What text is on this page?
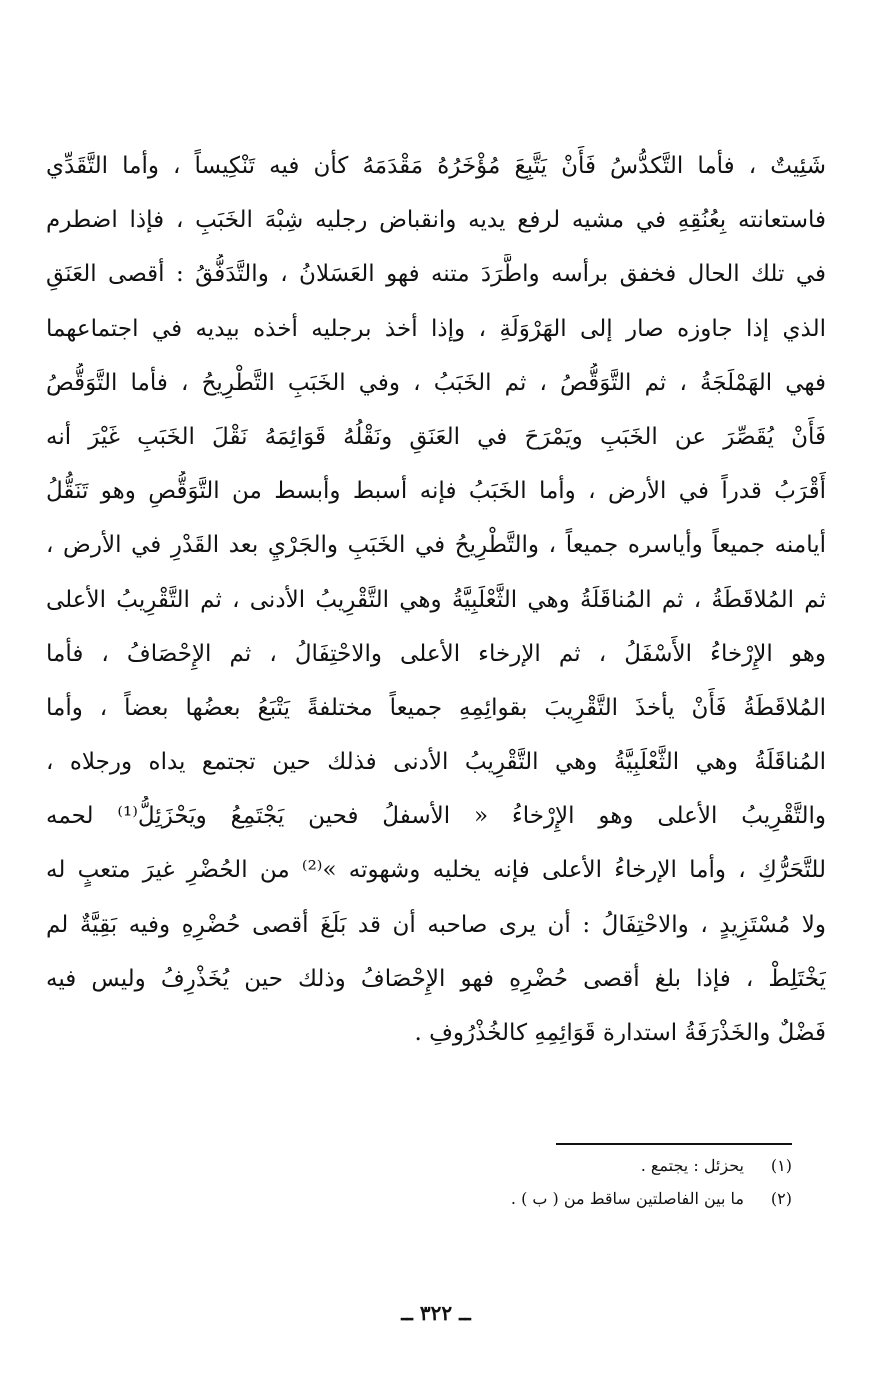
شَئِيتٌ ، فأما التَّكدُّسُ فَأَنْ يَتَّبِعَ مُؤْخَرُهُ مَقْدَمَهُ كأن فيه تَنْكِيساً ، وأما التَّقَدِّي
فاستعانته بِعُنُقِهِ في مشيه لرفع يديه وانقباض رجليه شِبْهَ الخَبَبِ ، فإذا اضطرم
في تلك الحال فخفق برأسه واطَّرَدَ متنه فهو العَسَلانُ ، والتَّدَفُّقُ : أقصى العَنَقِ
الذي إذا جاوزه صار إلى الهَرْوَلَةِ ، وإذا أخذ برجليه أخذه بيديه في اجتماعهما
فهي الهَمْلَجَةُ ، ثم التَّوَقُّصُ ، ثم الخَبَبُ ، وفي الخَبَبِ التَّطْرِيحُ ، فأما التَّوَقُّصُ
فَأَنْ يُقَصِّرَ عن الخَبَبِ ويَمْرَحَ في العَنَقِ ونَقْلُهُ قَوَائِمَهُ نَقْلَ الخَبَبِ غَيْرَ أنه
أَقْرَبُ قدراً في الأرض ، وأما الخَبَبُ فإنه أسبط وأبسط من التَّوَقُّصِ وهو تَنَقُّلُ
أيامنه جميعاً وأياسره جميعاً ، والتَّطْرِيحُ في الخَبَبِ والجَرْيِ بعد القَدْرِ في الأرض ،
ثم المُلاقَطَةُ ، ثم المُناقَلَةُ وهي الثَّعْلَبِيَّةُ وهي التَّقْرِيبُ الأدنى ، ثم التَّقْرِيبُ الأعلى
وهو الإِرْخاءُ الأَسْفَلُ ، ثم الإرخاء الأعلى والاحْتِفَالُ ، ثم الإِحْصَافُ ، فأما
المُلاقَطَةُ فَأَنْ يأخذَ التَّقْرِيبَ بقوائِمِهِ جميعاً مختلفةً يَتْبَعُ بعضُها بعضاً ، وأما
المُناقَلَةُ وهي الثَّعْلَبِيَّةُ وهي التَّقْرِيبُ الأدنى فذلك حين تجتمع يداه ورجلاه ،
والتَّقْرِيبُ الأعلى وهو الإِرْخاءُ « الأسفلُ فحين يَجْتَمِعُ ويَحْزَئِلُّ⁽¹⁾ لحمه
للتَّحَرُّكِ ، وأما الإرخاءُ الأعلى فإنه يخليه وشهوته »⁽²⁾ من الحُضْرِ غيرَ متعبٍ له
ولا مُسْتَزِيدٍ ، والاحْتِفَالُ : أن يرى صاحبه أن قد بَلَغَ أقصى حُضْرِهِ وفيه بَقِيَّةٌ لم
يَخْتَلِطْ ، فإذا بلغ أقصى حُضْرِهِ فهو الإِحْصَافُ وذلك حين يُخَذْرِفُ وليس فيه
فَضْلٌ والخَذْرَفَةُ استدارة قَوَائِمِهِ كالخُذْرُوفِ .
(١)
يحزئل : يجتمع .
(٢)
ما بين الفاصلتين ساقط من ( ب ) .
ــ ٣٢٢ ــ
